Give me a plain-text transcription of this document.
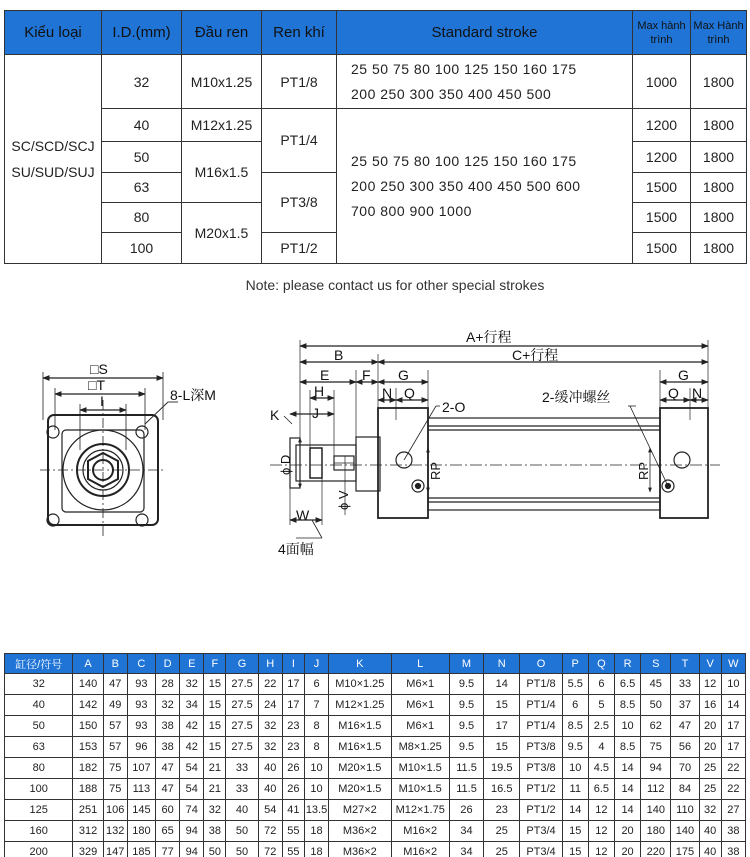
Kiểu loại	I.D.(mm)	Đầu ren	Ren khí	Standard stroke	Max hành trình	Max Hành trình
SC/SCD/SCJ
SU/SUD/SUJ	32	M10x1.25	PT1/8	25 50 75 80 100 125 150 160 175
200 250 300 350 400 450 500	1000	1800
	40	M12x1.25	PT1/4	25 50 75 80 100 125 150 160 175
200 250 300 350 400 450 500 600
700 800 900 1000	1200	1800
	50	M16x1.5			1200	1800
	63		PT3/8		1500	1800
	80	M20x1.5			1500	1800
	100		PT1/2		1500	1800
Note: please contact us for other special strokes
□S
□T
I	8-L深M
A+行程
B	C+行程
E F G	G
H
K J
N Q	Q N
2-O
2-缓冲螺丝
W
4面幅
ϕ D
ϕ V
RP	RP
缸径/符号	A	B	C	D	E	F	G	H	I	J	K	L	M	N	O	P	Q	R	S	T	V	W
32	140	47	93	28	32	15	27.5	22	17	6	M10×1.25	M6×1	9.5	14	PT1/8	5.5	6	6.5	45	33	12	10
40	142	49	93	32	34	15	27.5	24	17	7	M12×1.25	M6×1	9.5	15	PT1/4	6	5	8.5	50	37	16	14
50	150	57	93	38	42	15	27.5	32	23	8	M16×1.5	M6×1	9.5	17	PT1/4	8.5	2.5	10	62	47	20	17
63	153	57	96	38	42	15	27.5	32	23	8	M16×1.5	M8×1.25	9.5	15	PT3/8	9.5	4	8.5	75	56	20	17
80	182	75	107	47	54	21	33	40	26	10	M20×1.5	M10×1.5	11.5	19.5	PT3/8	10	4.5	14	94	70	25	22
100	188	75	113	47	54	21	33	40	26	10	M20×1.5	M10×1.5	11.5	16.5	PT1/2	11	6.5	14	112	84	25	22
125	251	106	145	60	74	32	40	54	41	13.5	M27×2	M12×1.75	26	23	PT1/2	14	12	14	140	110	32	27
160	312	132	180	65	94	38	50	72	55	18	M36×2	M16×2	34	25	PT3/4	15	12	20	180	140	40	38
200	329	147	185	77	94	50	50	72	55	18	M36×2	M16×2	34	25	PT3/4	15	12	20	220	175	40	38
